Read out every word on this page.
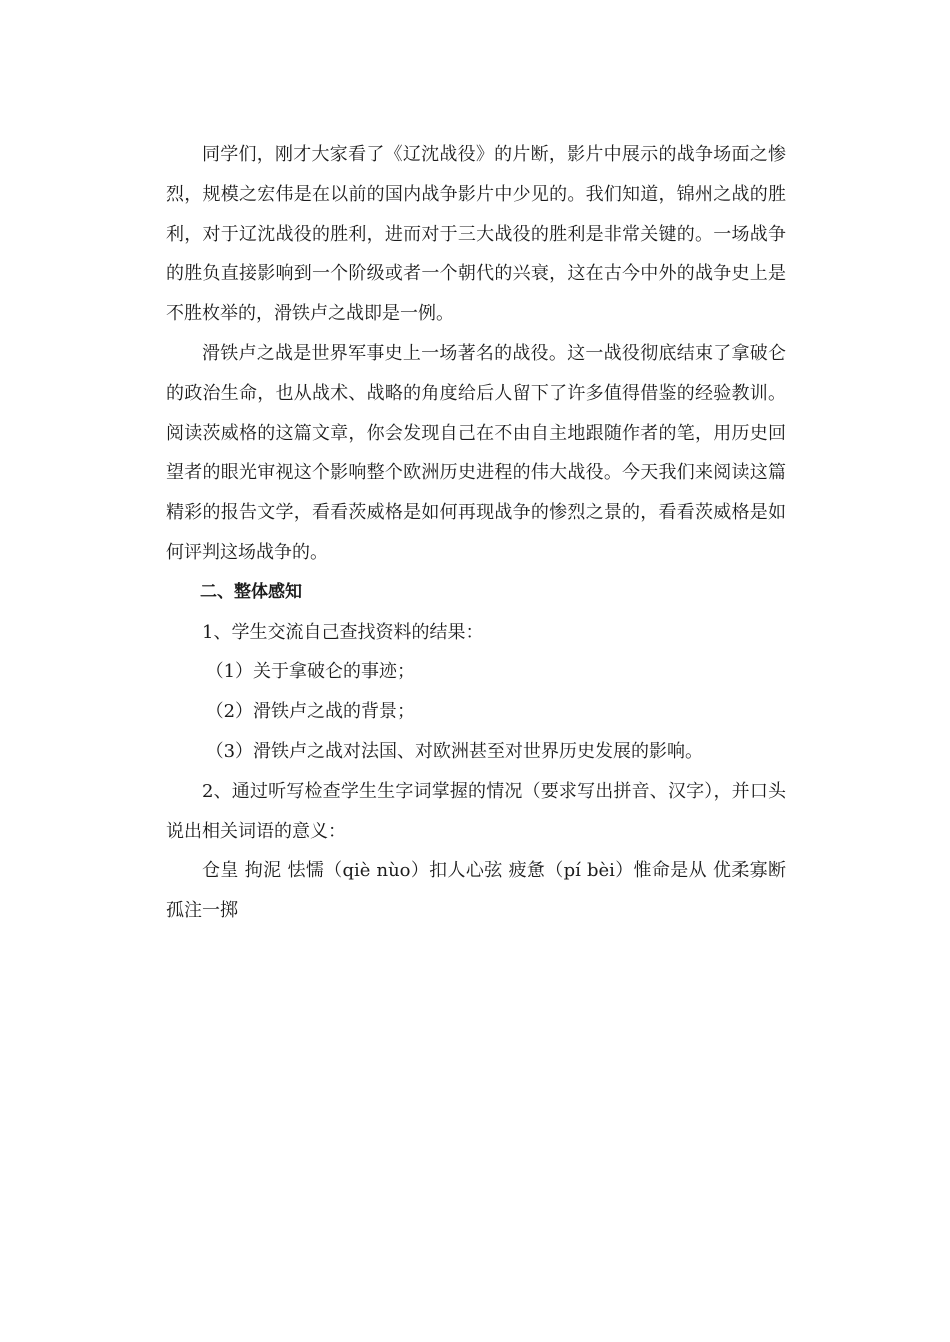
同学们，刚才大家看了《辽沈战役》的片断，影片中展示的战争场面之惨烈，规模之宏伟是在以前的国内战争影片中少见的。我们知道，锦州之战的胜利，对于辽沈战役的胜利，进而对于三大战役的胜利是非常关键的。一场战争的胜负直接影响到一个阶级或者一个朝代的兴衰，这在古今中外的战争史上是不胜枚举的，滑铁卢之战即是一例。

滑铁卢之战是世界军事史上一场著名的战役。这一战役彻底结束了拿破仑的政治生命，也从战术、战略的角度给后人留下了许多值得借鉴的经验教训。阅读茨威格的这篇文章，你会发现自己在不由自主地跟随作者的笔，用历史回望者的眼光审视这个影响整个欧洲历史进程的伟大战役。今天我们来阅读这篇精彩的报告文学，看看茨威格是如何再现战争的惨烈之景的，看看茨威格是如何评判这场战争的。

二、整体感知

1、学生交流自己查找资料的结果：

（1）关于拿破仑的事迹；

（2）滑铁卢之战的背景；

（3）滑铁卢之战对法国、对欧洲甚至对世界历史发展的影响。

2、通过听写检查学生生字词掌握的情况（要求写出拼音、汉字），并口头说出相关词语的意义：

仓皇 拘泥 怯懦（qiè nùo）扣人心弦 疲惫（pí bèi）惟命是从 优柔寡断 孤注一掷
